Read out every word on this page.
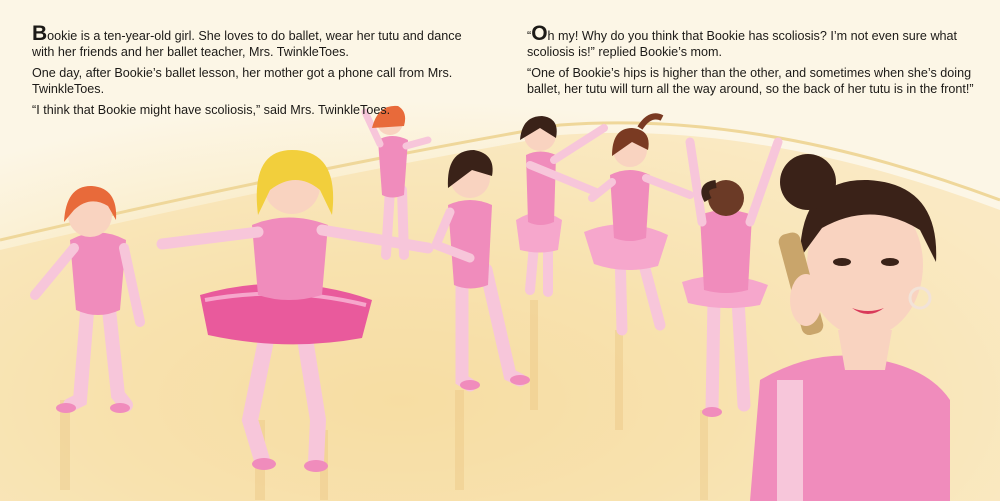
Bookie is a ten-year-old girl. She loves to do ballet, wear her tutu and dance with her friends and her ballet teacher, Mrs. TwinkleToes.

One day, after Bookie’s ballet lesson, her mother got a phone call from Mrs. TwinkleToes.

“I think that Bookie might have scoliosis,” said Mrs. TwinkleToes.

“Oh my! Why do you think that Bookie has scoliosis? I’m not even sure what scoliosis is!” replied Bookie’s mom.

“One of Bookie’s hips is higher than the other, and sometimes when she’s doing ballet, her tutu will turn all the way around, so the back of her tutu is in the front!”
